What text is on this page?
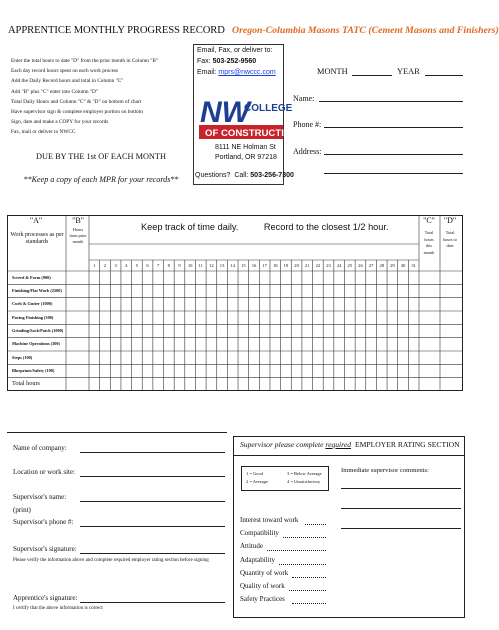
APPRENTICE MONTHLY PROGRESS RECORD Oregon-Columbia Masons TATC (Cement Masons and Finishers)
Enter the total hours to date "D" from the prior month in Column "B"
Each day record hours spent on each work process
Add the Daily Record hours and total in Column "C"
Add "B" plus "C" enter into Column "D"
Total Daily Hours and Column "C" & "D" on bottom of chart
Have supervisor sign & complete employer portion on bottom
Sign, date and make a COPY for your records
Fax, mail or deliver to NWCC
DUE BY THE 1st OF EACH MONTH
**Keep a copy of each MPR for your records**
Email, Fax, or deliver to:
Fax: 503-252-9560
Email: mprs@nwccc.com
NW
COLLEGE
OF CONSTRUCTION
8111 NE Holman St
Portland, OR 97218
Questions? Call: 503-256-7300
MONTH	YEAR
Name:
Phone #:
Address:
"A"
Work processes as per standards
"B"
Hours from prior month
Keep track of time daily.          Record to the closest 1/2 hour.
"C"
Total hours this month
"D"
Total hours to date
1	2	3	4	5	6	7	8	9	10	11	12	13	14	15	16	17	18	19	20	21	22	23	24	25	26	27	28	29	30	31
Screed & Form (900)
Finishing/Flat Work (2500)
Curb & Gutter (1000)
Paving Finishing (300)
Grinding/Sack/Patch (1000)
Machine Operations (300)
Steps (100)
Blueprints/Safety (100)
Total hours
Name of company:
Location or work site:
Supervisor's name:
(print)
Supervisor's phone #:
Supervisor's signature:
Please verify the information above and complete required employer rating section before signing
Apprentice's signature:
I certify that the above information is correct
Supervisor please complete required EMPLOYER RATING SECTION
1 = Good
2 = Average
3 = Below Average
4 = Unsatisfactory
Immediate supervisor comments:
Interest toward work
Compatibility
Attitude
Adaptability
Quantity of work
Quality of work
Safety Practices
